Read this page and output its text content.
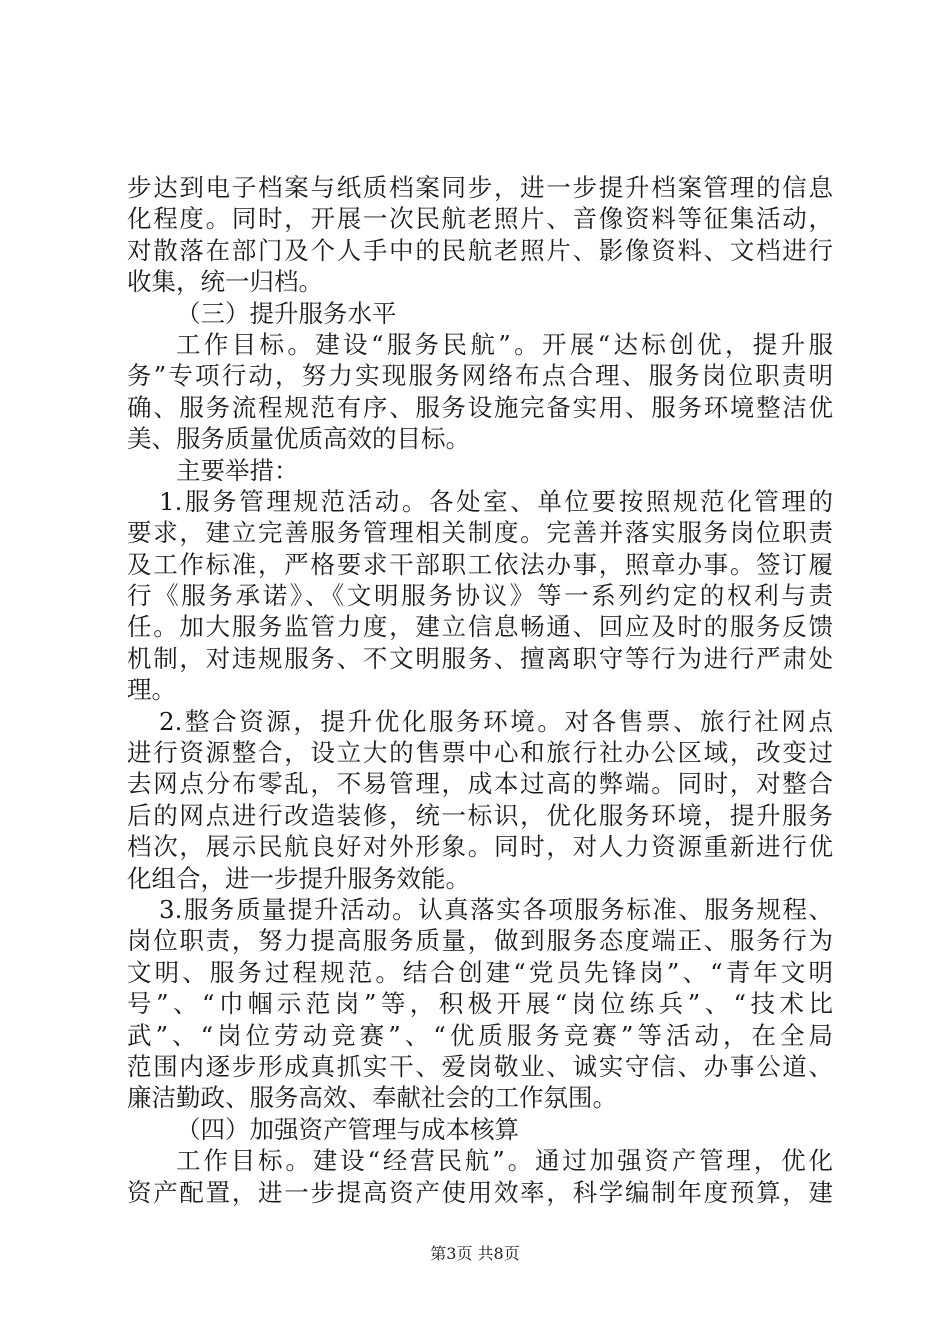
步达到电子档案与纸质档案同步，进一步提升档案管理的信息
化程度。同时，开展一次民航老照片、音像资料等征集活动，
对散落在部门及个人手中的民航老照片、影像资料、文档进行
收集，统一归档。
（三）提升服务水平
工作目标。建设“服务民航”。开展“达标创优，提升服
务”专项行动，努力实现服务网络布点合理、服务岗位职责明
确、服务流程规范有序、服务设施完备实用、服务环境整洁优
美、服务质量优质高效的目标。
主要举措：
1.服务管理规范活动。各处室、单位要按照规范化管理的
要求，建立完善服务管理相关制度。完善并落实服务岗位职责
及工作标准，严格要求干部职工依法办事，照章办事。签订履
行《服务承诺》、《文明服务协议》等一系列约定的权利与责
任。加大服务监管力度，建立信息畅通、回应及时的服务反馈
机制，对违规服务、不文明服务、擅离职守等行为进行严肃处
理。
2.整合资源，提升优化服务环境。对各售票、旅行社网点
进行资源整合，设立大的售票中心和旅行社办公区域，改变过
去网点分布零乱，不易管理，成本过高的弊端。同时，对整合
后的网点进行改造装修，统一标识，优化服务环境，提升服务
档次，展示民航良好对外形象。同时，对人力资源重新进行优
化组合，进一步提升服务效能。
3.服务质量提升活动。认真落实各项服务标准、服务规程、
岗位职责，努力提高服务质量，做到服务态度端正、服务行为
文明、服务过程规范。结合创建“党员先锋岗”、“青年文明
号”、“巾帼示范岗”等，积极开展“岗位练兵”、“技术比
武”、“岗位劳动竞赛”、“优质服务竞赛”等活动，在全局
范围内逐步形成真抓实干、爱岗敬业、诚实守信、办事公道、
廉洁勤政、服务高效、奉献社会的工作氛围。
（四）加强资产管理与成本核算
工作目标。建设“经营民航”。通过加强资产管理，优化
资产配置，进一步提高资产使用效率，科学编制年度预算，建
第3页 共8页
